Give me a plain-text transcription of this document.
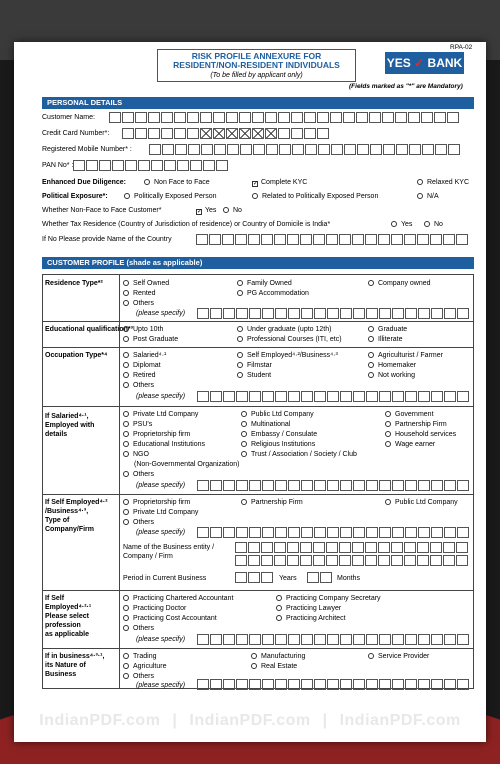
RPA-02
RISK PROFILE ANNEXURE FOR
RESIDENT/NON-RESIDENT INDIVIDUALS
(To be filled by applicant only)
YES ✓ BANK
(Fields marked as "*" are Mandatory)
PERSONAL DETAILS
Customer Name:
Credit Card Number*:
Registered Mobile Number* :
PAN No* :
Enhanced Due Diligence:	Non Face to Face	✓ Complete KYC	Relaxed KYC
Political Exposure*:	Politically Exposed Person	Related to Politically Exposed Person	N/A
Whether Non-Face to Face Customer*	✓ Yes	No
Whether Tax Residence (Country of Jurisdiction of residence) or Country of Domicile is India*	Yes	No
If No Please provide Name of the Country
CUSTOMER PROFILE (shade as applicable)
Residence Type*²	Self Owned	Family Owned	Company owned
Rented	PG Accommodation
Others
(please specify)
Educational qualification*³ Upto 10th	Under graduate (upto 12th)	Graduate
Post Graduate	Professional Courses (ITI, etc)	Illiterate
Occupation Type*⁴	Salaried⁴·¹	Self Employed⁴·²/Business⁴·³	Agriculturist / Farmer
Diplomat	Filmstar	Homemaker
Retired	Student	Not working
Others
(please specify)
If Salaried⁴·¹,
Employed with
details
Private Ltd Company	Public Ltd Company	Government
PSU's	Multinational	Partnership Firm
Proprietorship firm	Embassy / Consulate	Household services
Educational Institutions	Religious Institutions	Wage earner
NGO	Trust / Association / Society / Club
(Non-Governmental Organization)
Others
(please specify)
If Self Employed⁴·²
/Business⁴·³,
Type of
Company/Firm
Proprietorship firm	Partnership Firm	Public Ltd Company
Private Ltd Company
Others
(please specify)
Name of the Business entity /
Company / Firm
Period in Current Business	Years	Months
If Self
Employed⁴·²·¹
Please select
profession
as applicable
Practicing Chartered Accountant	Practicing Company Secretary
Practicing Doctor	Practicing Lawyer
Practicing Cost Accountant	Practicing Architect
Others
(please specify)
If in business⁴·³·¹,
its Nature of
Business
Trading	Manufacturing	Service Provider
Agriculture	Real Estate
Others
(please specify)
IndianPDF.com | IndianPDF.com | IndianPDF.com
